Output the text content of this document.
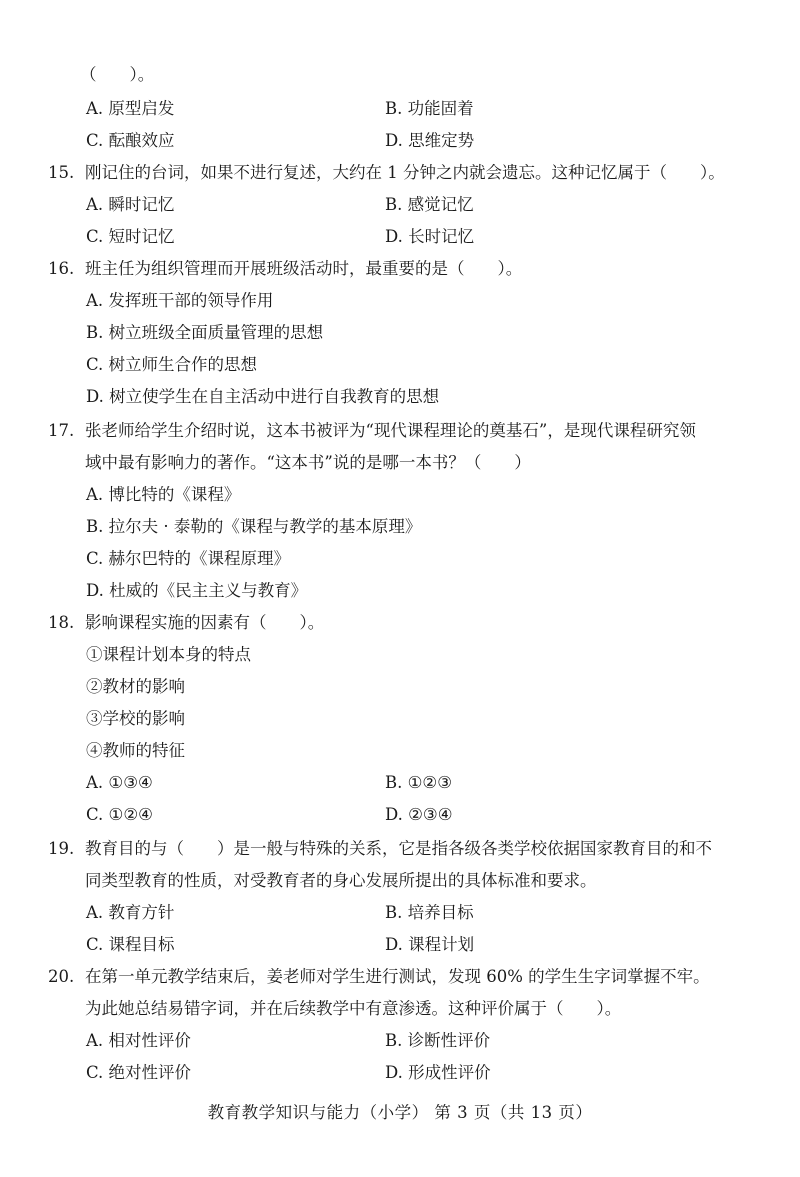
（　　）。
A. 原型启发	B. 功能固着
C. 酝酿效应	D. 思维定势
15. 刚记住的台词，如果不进行复述，大约在 1 分钟之内就会遗忘。这种记忆属于（　　）。
A. 瞬时记忆	B. 感觉记忆
C. 短时记忆	D. 长时记忆
16. 班主任为组织管理而开展班级活动时，最重要的是（　　）。
A. 发挥班干部的领导作用
B. 树立班级全面质量管理的思想
C. 树立师生合作的思想
D. 树立使学生在自主活动中进行自我教育的思想
17. 张老师给学生介绍时说，这本书被评为“现代课程理论的奠基石”，是现代课程研究领
域中最有影响力的著作。“这本书”说的是哪一本书？（　　）
A. 博比特的《课程》
B. 拉尔夫 · 泰勒的《课程与教学的基本原理》
C. 赫尔巴特的《课程原理》
D. 杜威的《民主主义与教育》
18. 影响课程实施的因素有（　　）。
①课程计划本身的特点
②教材的影响
③学校的影响
④教师的特征
A. ①③④	B. ①②③
C. ①②④	D. ②③④
19. 教育目的与（　　）是一般与特殊的关系，它是指各级各类学校依据国家教育目的和不
同类型教育的性质，对受教育者的身心发展所提出的具体标准和要求。
A. 教育方针	B. 培养目标
C. 课程目标	D. 课程计划
20. 在第一单元教学结束后，姜老师对学生进行测试，发现 60% 的学生生字词掌握不牢。
为此她总结易错字词，并在后续教学中有意渗透。这种评价属于（　　）。
A. 相对性评价	B. 诊断性评价
C. 绝对性评价	D. 形成性评价
教育教学知识与能力（小学） 第 3 页（共 13 页）
